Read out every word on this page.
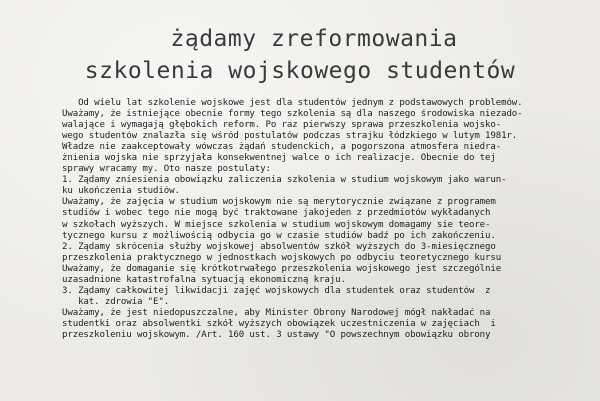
żądamy zreformowania
szkolenia wojskowego studentów
Od wielu lat szkolenie wojskowe jest dla studentów jednym z podstawowych problemów.
Uważamy, że istniejące obecnie formy tego szkolenia są dla naszego środowiska niezado-
walające i wymagają głębokich reform. Po raz pierwszy sprawa przeszkolenia wojsko-
wego studentów znalazła się wśród postulatów podczas strajku łódzkiego w lutym 1981r.
Władze nie zaakceptowały wówczas żądań studenckich, a pogorszona atmosfera niedra-
żnienia wojska nie sprzyjała konsekwentnej walce o ich realizacje. Obecnie do tej
sprawy wracamy my. Oto nasze postulaty:
1. Żądamy zniesienia obowiązku zaliczenia szkolenia w studium wojskowym jako warun-
ku ukończenia studiów.
Uważamy, że zajęcia w studium wojskowym nie są merytorycznie związane z programem
studiów i wobec tego nie mogą być traktowane jakojeden z przedmiotów wykładanych
w szkołach wyższych. W miejsce szkolenia w studium wojskowym domagamy sie teore-
tycznego kursu z możliwością odbycia go w czasie studiów badź po ich zakończeniu.
2. Żądamy skrócenia służby wojskowej absolwentów szkół wyższych do 3-miesięcznego
przeszkolenia praktycznego w jednostkach wojskowych po odbyciu teoretycznego kursu
Uważamy, że domaganie się krótkotrwałego przeszkolenia wojskowego jest szczególnie
uzasadnione katastrofalna sytuacją ekonomiczną kraju.
3. Żądamy całkowitej likwidacji zajęć wojskowych dla studentek oraz studentów  z
kat. zdrowia "E".
Uważamy, że jest niedopuszczalne, aby Minister Obrony Narodowej mógł nakładać na
studentki oraz absolwentki szkół wyższych obowiązek uczestniczenia w zajęciach  i
przeszkoleniu wojskowym. /Art. 160 ust. 3 ustawy "O powszechnym obowiązku obrony
